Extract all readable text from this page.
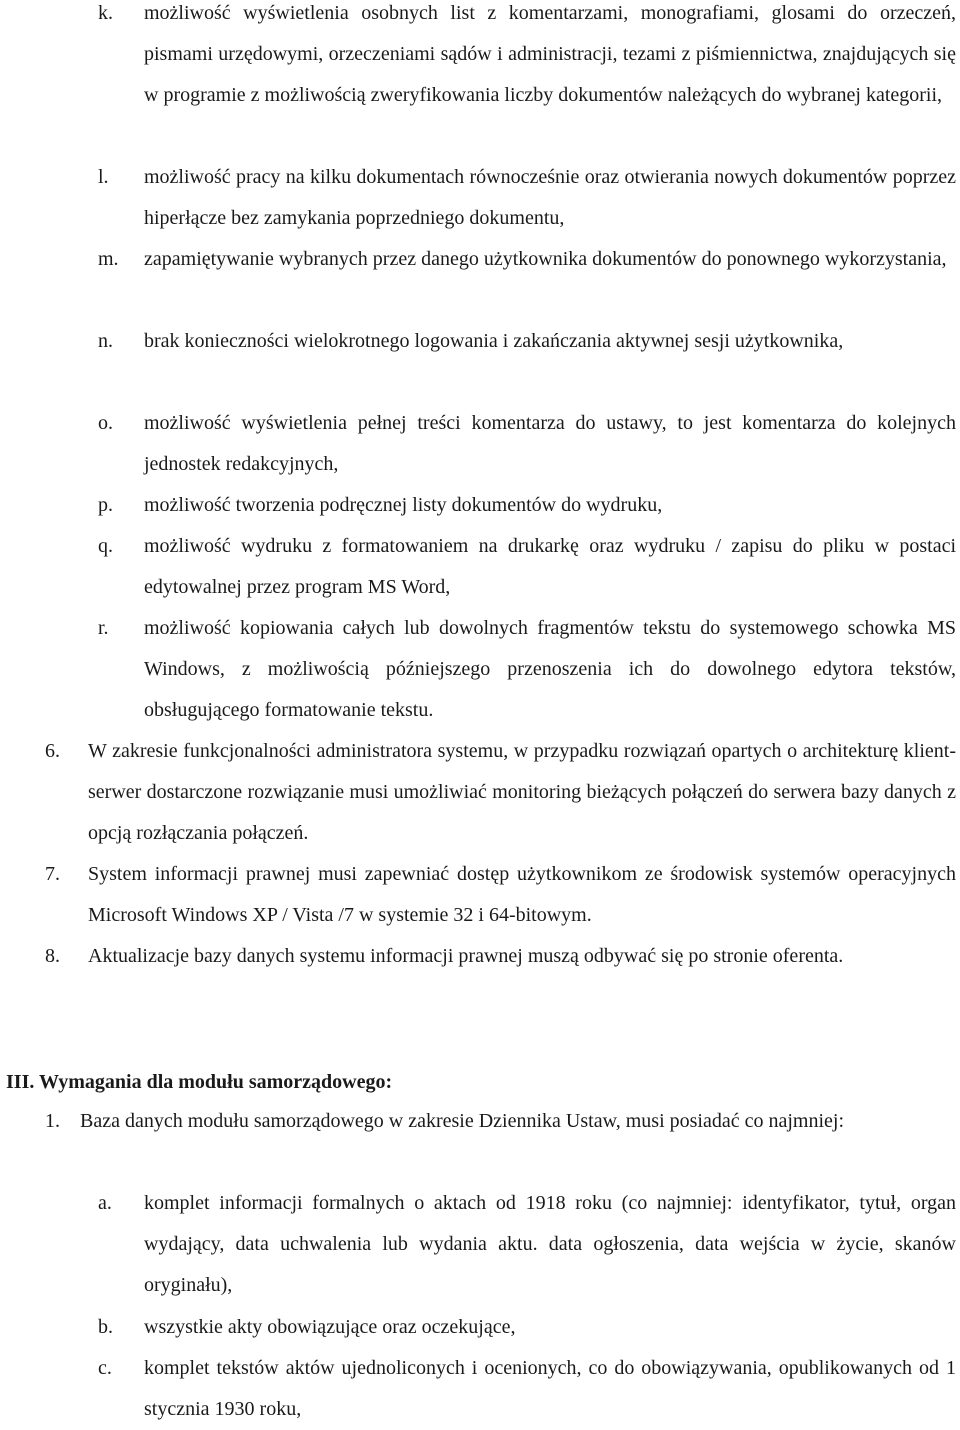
k.	możliwość wyświetlenia osobnych list z komentarzami, monografiami, glosami do orzeczeń, pismami urzędowymi, orzeczeniami sądów i administracji, tezami z piśmiennictwa, znajdujących się w programie z możliwością zweryfikowania liczby dokumentów należących do wybranej kategorii,
l.	możliwość pracy na kilku dokumentach równocześnie oraz otwierania nowych dokumentów poprzez hiperłącze bez zamykania poprzedniego dokumentu,
m.	zapamiętywanie wybranych przez danego użytkownika dokumentów do ponownego wykorzystania,
n.	brak konieczności wielokrotnego logowania i zakańczania aktywnej sesji użytkownika,
o.	możliwość wyświetlenia pełnej treści komentarza do ustawy, to jest komentarza do kolejnych jednostek redakcyjnych,
p.	możliwość tworzenia podręcznej listy dokumentów do wydruku,
q.	możliwość wydruku z formatowaniem na drukarkę oraz wydruku / zapisu do pliku w postaci edytowalnej przez program MS Word,
r.	możliwość kopiowania całych lub dowolnych fragmentów tekstu do systemowego schowka MS Windows, z możliwością późniejszego przenoszenia ich do dowolnego edytora tekstów, obsługującego formatowanie tekstu.
6.	W zakresie funkcjonalności administratora systemu, w przypadku rozwiązań opartych o architekturę klient-serwer dostarczone rozwiązanie musi umożliwiać monitoring bieżących połączeń do serwera bazy danych z opcją rozłączania połączeń.
7.	System informacji prawnej musi zapewniać dostęp użytkownikom ze środowisk systemów operacyjnych Microsoft Windows XP / Vista /7 w systemie 32 i 64-bitowym.
8.	Aktualizacje bazy danych systemu informacji prawnej muszą odbywać się po stronie oferenta.
III. Wymagania dla modułu samorządowego:
1.	Baza danych modułu samorządowego w zakresie Dziennika Ustaw, musi posiadać co najmniej:
a.	komplet informacji formalnych o aktach od 1918 roku (co najmniej: identyfikator, tytuł, organ wydający, data uchwalenia lub wydania aktu. data ogłoszenia, data wejścia w życie, skanów oryginału),
b.	wszystkie akty obowiązujące oraz oczekujące,
c.	komplet tekstów aktów ujednoliconych i ocenionych, co do obowiązywania, opublikowanych od 1 stycznia 1930 roku,
